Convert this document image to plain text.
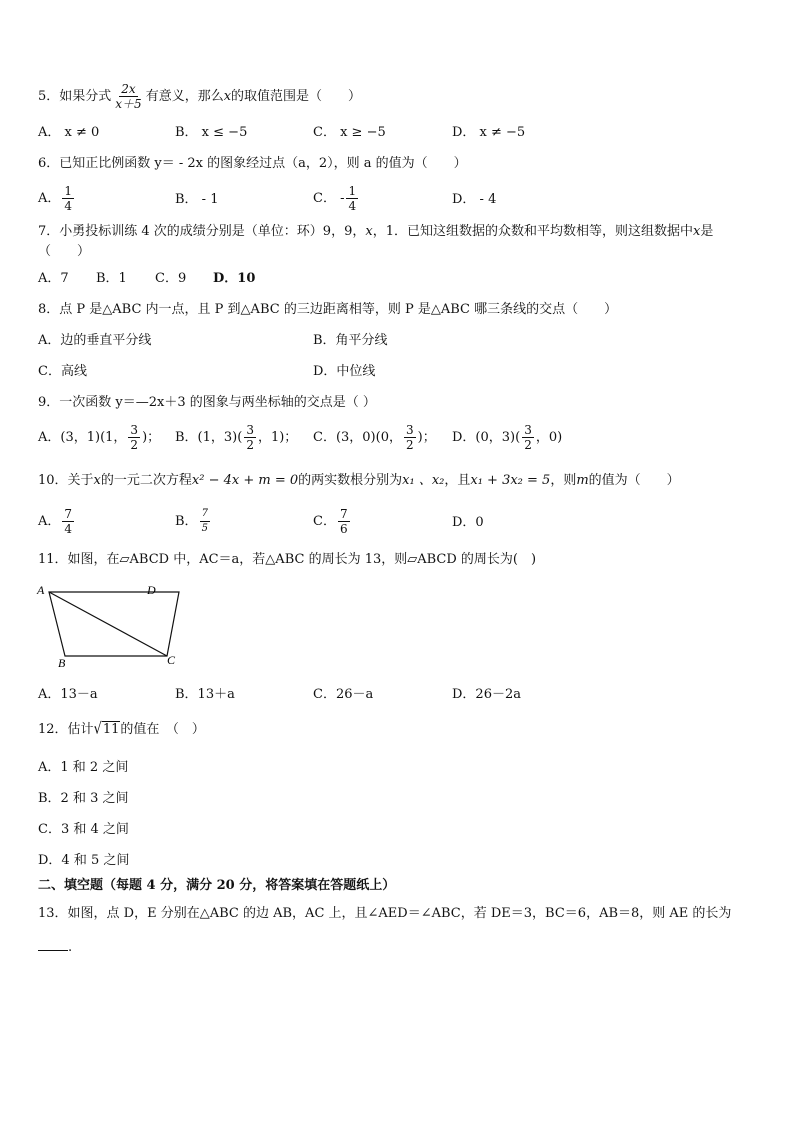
5．如果分式 $\frac{2x}{x+5}$ 有意义，那么x的取值范围是（　　）
A． x ≠ 0	B． x ≤ −5	C． x ≥ −5	D． x ≠ −5
6．已知正比例函数 y＝ - 2x 的图象经过点（a，2），则 a 的值为（　　）
A． $\frac{1}{4}$	B． - 1	C． - $\frac{1}{4}$	D． - 4
7．小勇投标训练 4 次的成绩分别是（单位：环）9，9，x，1．已知这组数据的众数和平均数相等，则这组数据中x是
（　　）
A．7 B．1 C．9 D．10
8．点 P 是△ABC 内一点，且 P 到△ABC 的三边距离相等，则 P 是△ABC 哪三条线的交点（　　）
A．边的垂直平分线	B．角平分线
C．高线	D．中位线
9．一次函数 y＝—2x＋3 的图象与两坐标轴的交点是（ ）
A．(3，1)(1， $\frac{3}{2}$ )； B．(1，$3)( \frac{3}{2}$ ，1)； C．(3，0)(0， $\frac{3}{2}$ )； D．(0，$3)( \frac{3}{2}$ ，0)
10．关于x的一元二次方程x² − 4x + m = 0的两实数根分别为x₁ 、x₂，且x₁ + 3x₂ = 5，则m的值为（　　）
A． $\frac{7}{4}$	B． $\frac{7}{5}$	C． $\frac{7}{6}$	D．0
11．如图，在▱ABCD 中，AC＝a，若△ABC 的周长为 13，则▱ABCD 的周长为(　)
A	D
B	C
A．13－a	B．13＋a	C．26－a	D．26－2a
12．估计√11的值在　（　）
A．1 和 2 之间
B．2 和 3 之间
C．3 和 4 之间
D．4 和 5 之间
二、填空题（每题 4 分，满分 20 分，将答案填在答题纸上）
13．如图，点 D，E 分别在△ABC 的边 AB，AC 上，且∠AED＝∠ABC，若 DE＝3，BC＝6，AB＝8，则 AE 的长为
.
